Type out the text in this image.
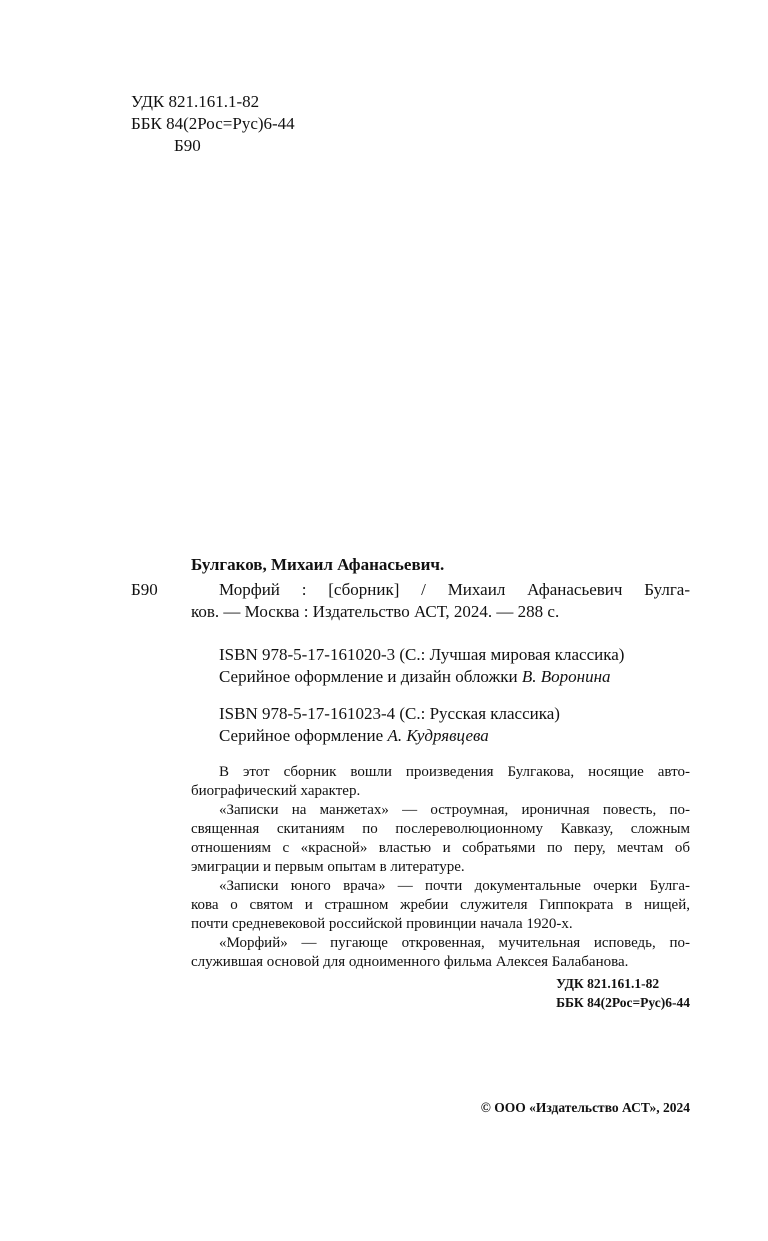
УДК 821.161.1-82
ББК 84(2Рос=Рус)6-44
Б90
Б90
Булгаков, Михаил Афанасьевич.
Морфий : [сборник] / Михаил Афанасьевич Булга-
ков. — Москва : Издательство АСТ, 2024. — 288 с.
ISBN 978-5-17-161020-3 (С.: Лучшая мировая классика)
Серийное оформление и дизайн обложки В. Воронина
ISBN 978-5-17-161023-4 (С.: Русская классика)
Серийное оформление А. Кудрявцева
В этот сборник вошли произведения Булгакова, носящие авто-
биографический характер.
«Записки на манжетах» — остроумная, ироничная повесть, по-
священная скитаниям по послереволюционному Кавказу, сложным
отношениям с «красной» властью и собратьями по перу, мечтам об
эмиграции и первым опытам в литературе.
«Записки юного врача» — почти документальные очерки Булга-
кова о святом и страшном жребии служителя Гиппократа в нищей,
почти средневековой российской провинции начала 1920-х.
«Морфий» — пугающе откровенная, мучительная исповедь, по-
служившая основой для одноименного фильма Алексея Балабанова.
УДК 821.161.1-82
ББК 84(2Рос=Рус)6-44
© ООО «Издательство АСТ», 2024
